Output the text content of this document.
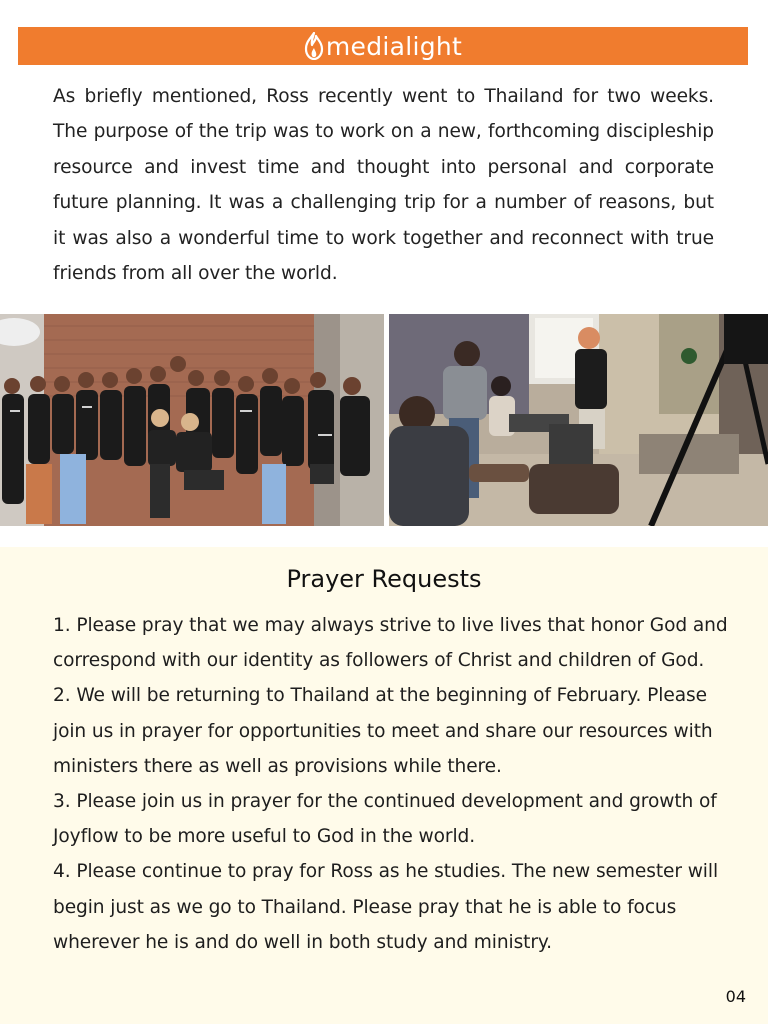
medialight

As briefly mentioned, Ross recently went to Thailand for two weeks. The purpose of the trip was to work on a new, forthcoming discipleship resource and invest time and thought into personal and corporate future planning. It was a challenging trip for a number of reasons, but it was also a wonderful time to work together and reconnect with true friends from all over the world.

Prayer Requests
1. Please pray that we may always strive to live lives that honor God and correspond with our identity as followers of Christ and children of God.
2. We will be returning to Thailand at the beginning of February. Please join us in prayer for opportunities to meet and share our resources with ministers there as well as provisions while there.
3. Please join us in prayer for the continued development and growth of Joyflow to be more useful to God in the world.
4. Please continue to pray for Ross as he studies. The new semester will begin just as we go to Thailand. Please pray that he is able to focus wherever he is and do well in both study and ministry.
04
